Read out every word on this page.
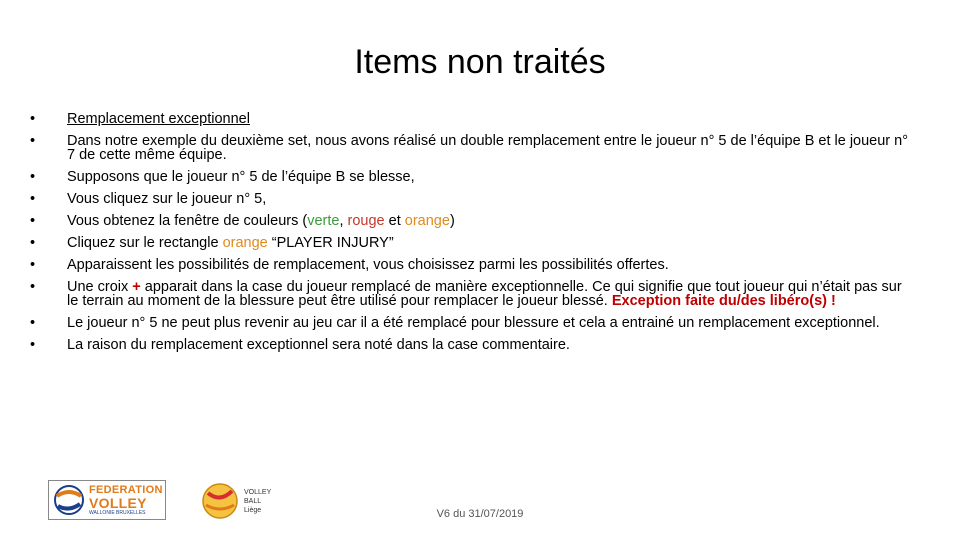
Items non traités
•	Remplacement exceptionnel
•	Dans notre exemple du deuxième set, nous avons réalisé un double remplacement entre le joueur n° 5 de l’équipe B et le joueur n° 7 de cette même équipe.
•	Supposons que le joueur n° 5 de l’équipe B se blesse,
•	Vous cliquez sur le joueur n° 5,
•	Vous obtenez la fenêtre de couleurs (verte, rouge et orange)
•	Cliquez sur le rectangle orange “PLAYER INJURY”
•	Apparaissent les possibilités de remplacement, vous choisissez parmi les possibilités offertes.
•	Une croix + apparait dans la case du joueur remplacé de manière exceptionnelle. Ce qui signifie que tout joueur qui n’était pas sur le terrain au moment de la blessure peut être utilisé pour remplacer le joueur blessé. Exception faite du/des libéro(s) !
•	Le joueur n° 5 ne peut plus revenir au jeu car il a été remplacé pour blessure et cela a entrainé un remplacement exceptionnel.
•	La raison du remplacement exceptionnel sera noté dans la case commentaire.
FEDERATION
VOLLEY
WALLONIE BRUXELLES
VOLLEY BALL
Liège	V6 du 31/07/2019
